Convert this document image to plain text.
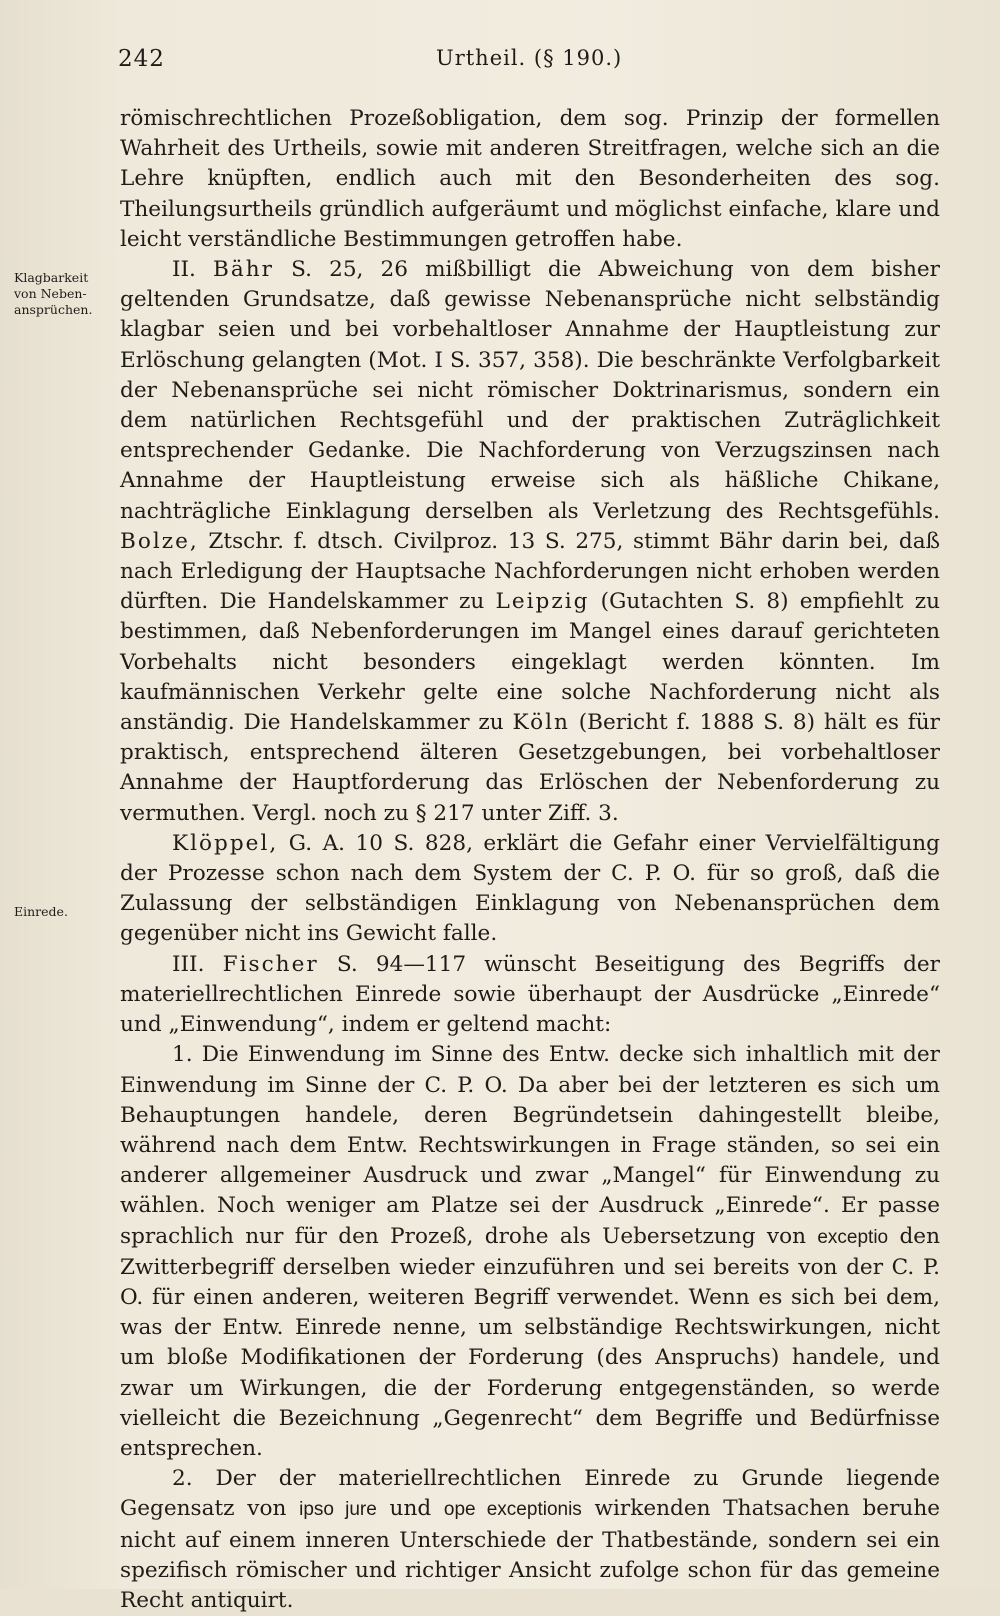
242	Urtheil. (§ 190.)
Klagbarkeit
von Neben-
ansprüchen.
Einrede.

römischrechtlichen Prozeßobligation, dem sog. Prinzip der formellen Wahrheit des Urtheils, sowie mit anderen Streitfragen, welche sich an die Lehre knüpften, endlich auch mit den Besonderheiten des sog. Theilungsurtheils gründlich aufgeräumt und möglichst einfache, klare und leicht verständliche Bestimmungen getroffen habe.

II. Bähr S. 25, 26 mißbilligt die Abweichung von dem bisher geltenden Grundsatze, daß gewisse Nebenansprüche nicht selbständig klagbar seien und bei vorbehaltloser Annahme der Hauptleistung zur Erlöschung gelangten (Mot. I S. 357, 358). Die beschränkte Verfolgbarkeit der Nebenansprüche sei nicht römischer Doktrinarismus, sondern ein dem natürlichen Rechtsgefühl und der praktischen Zuträglichkeit entsprechender Gedanke. Die Nachforderung von Verzugszinsen nach Annahme der Hauptleistung erweise sich als häßliche Chikane, nachträgliche Einklagung derselben als Verletzung des Rechtsgefühls. Bolze, Ztschr. f. dtsch. Civilproz. 13 S. 275, stimmt Bähr darin bei, daß nach Erledigung der Hauptsache Nachforderungen nicht erhoben werden dürften. Die Handelskammer zu Leipzig (Gutachten S. 8) empfiehlt zu bestimmen, daß Nebenforderungen im Mangel eines darauf gerichteten Vorbehalts nicht besonders eingeklagt werden könnten. Im kaufmännischen Verkehr gelte eine solche Nachforderung nicht als anständig. Die Handelskammer zu Köln (Bericht f. 1888 S. 8) hält es für praktisch, entsprechend älteren Gesetzgebungen, bei vorbehaltloser Annahme der Hauptforderung das Erlöschen der Nebenforderung zu vermuthen. Vergl. noch zu § 217 unter Ziff. 3.

Klöppel, G. A. 10 S. 828, erklärt die Gefahr einer Vervielfältigung der Prozesse schon nach dem System der C. P. O. für so groß, daß die Zulassung der selbständigen Einklagung von Nebenansprüchen dem gegenüber nicht ins Gewicht falle.

III. Fischer S. 94—117 wünscht Beseitigung des Begriffs der materiellrechtlichen Einrede sowie überhaupt der Ausdrücke „Einrede“ und „Einwendung“, indem er geltend macht:

1. Die Einwendung im Sinne des Entw. decke sich inhaltlich mit der Einwendung im Sinne der C. P. O. Da aber bei der letzteren es sich um Behauptungen handele, deren Begründetsein dahingestellt bleibe, während nach dem Entw. Rechtswirkungen in Frage ständen, so sei ein anderer allgemeiner Ausdruck und zwar „Mangel“ für Einwendung zu wählen. Noch weniger am Platze sei der Ausdruck „Einrede“. Er passe sprachlich nur für den Prozeß, drohe als Uebersetzung von exceptio den Zwitterbegriff derselben wieder einzuführen und sei bereits von der C. P. O. für einen anderen, weiteren Begriff verwendet. Wenn es sich bei dem, was der Entw. Einrede nenne, um selbständige Rechtswirkungen, nicht um bloße Modifikationen der Forderung (des Anspruchs) handele, und zwar um Wirkungen, die der Forderung entgegenständen, so werde vielleicht die Bezeichnung „Gegenrecht“ dem Begriffe und Bedürfnisse entsprechen.

2. Der der materiellrechtlichen Einrede zu Grunde liegende Gegensatz von ipso jure und ope exceptionis wirkenden Thatsachen beruhe nicht auf einem inneren Unterschiede der Thatbestände, sondern sei ein spezifisch römischer und richtiger Ansicht zufolge schon für das gemeine Recht antiquirt.
